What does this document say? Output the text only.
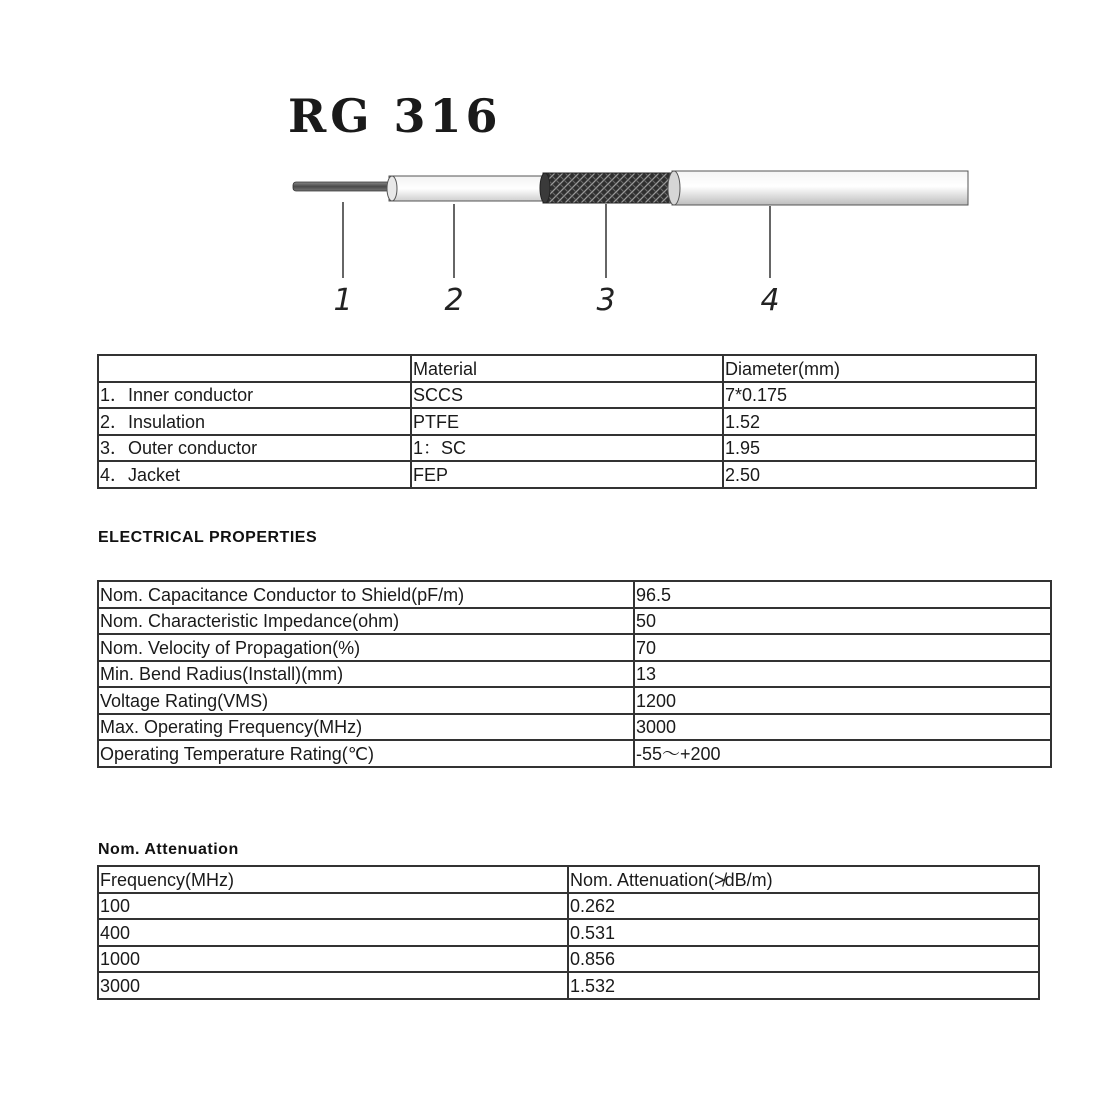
RG 316
1	2	3	4
	Material	Diameter(mm)
1．Inner conductor	SCCS	7*0.175
2．Insulation	PTFE	1.52
3．Outer conductor	1：SC	1.95
4．Jacket	FEP	2.50
ELECTRICAL PROPERTIES
Nom. Capacitance Conductor to Shield(pF/m)	96.5
Nom. Characteristic Impedance(ohm)	50
Nom. Velocity of Propagation(%)	70
Min. Bend Radius(Install)(mm)	13
Voltage Rating(VMS)	1200
Max. Operating Frequency(MHz)	3000
Operating Temperature Rating(℃)	-55～+200
Nom. Attenuation
Frequency(MHz)	Nom. Attenuation(≯dB/m)
100	0.262
400	0.531
1000	0.856
3000	1.532
